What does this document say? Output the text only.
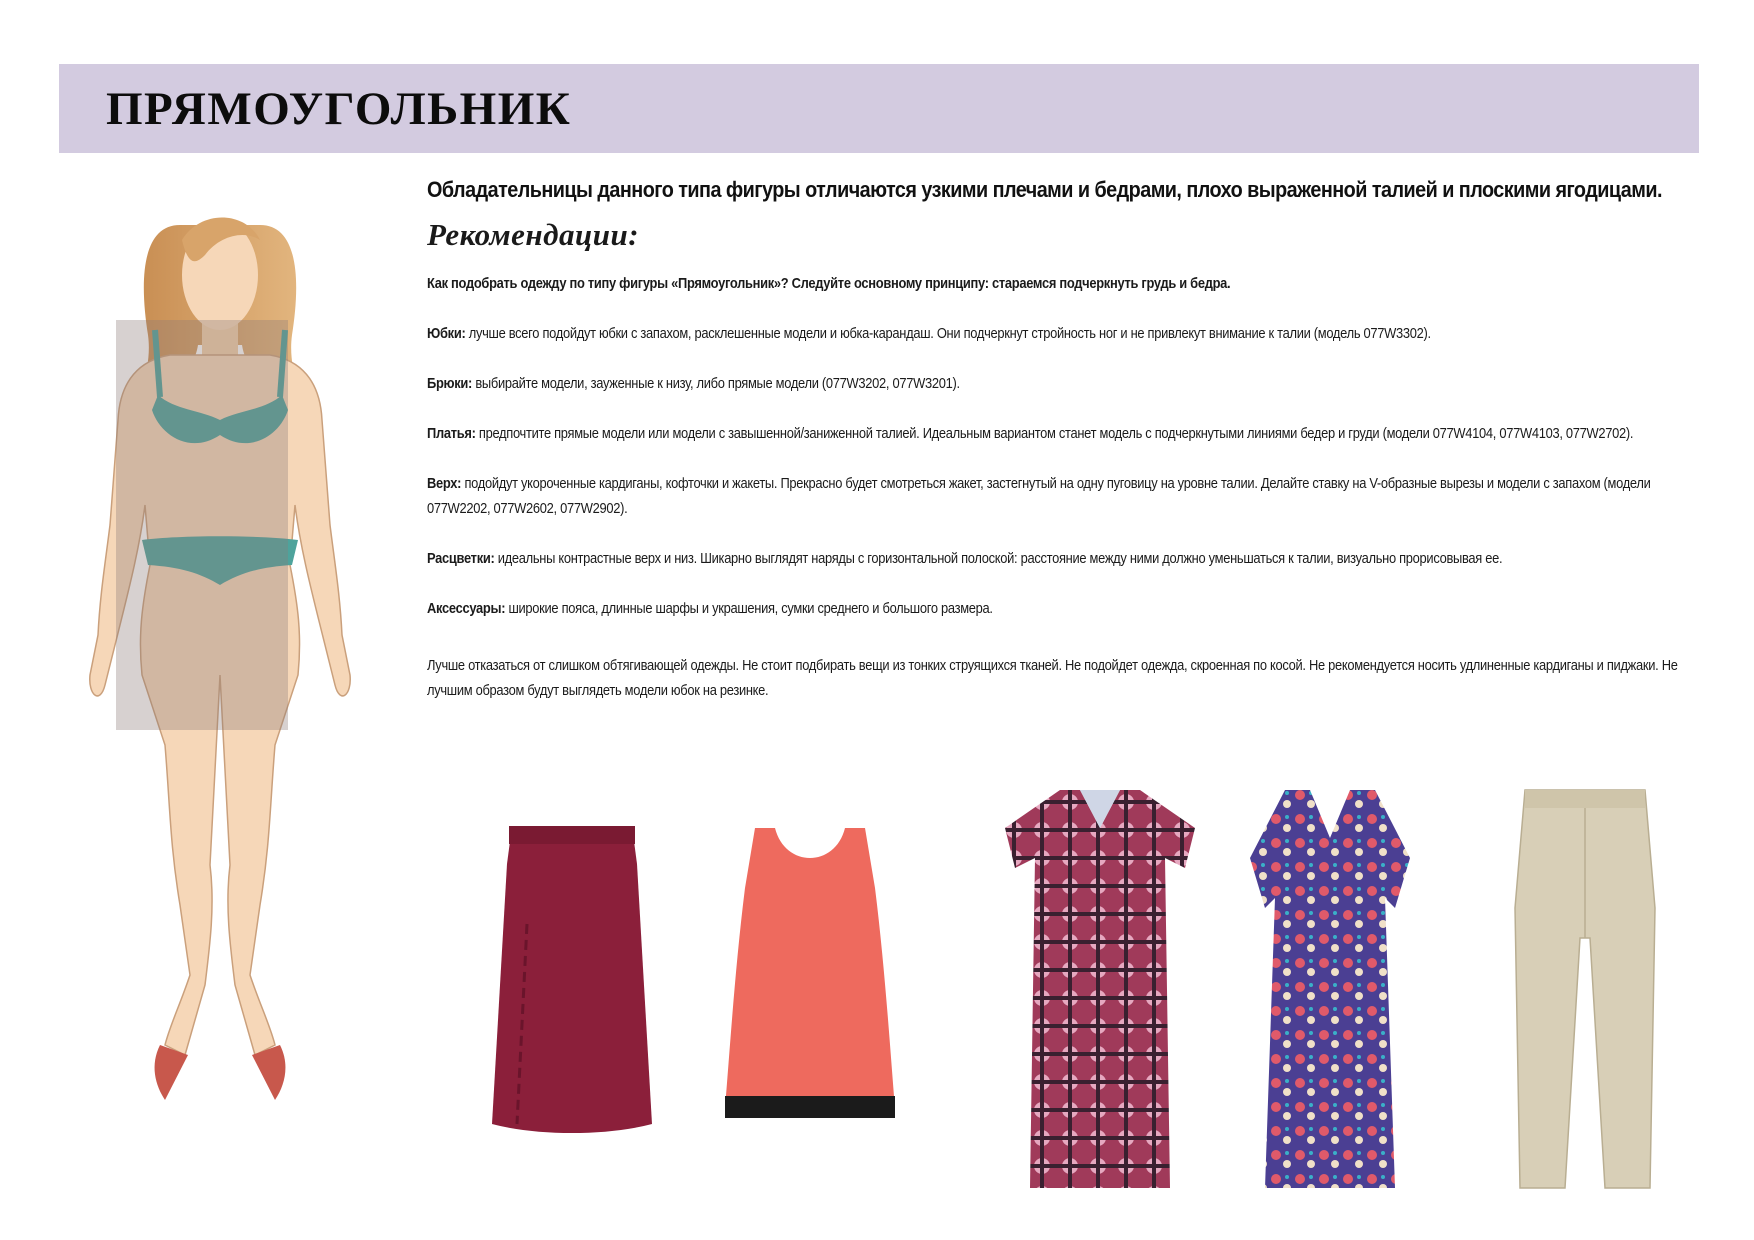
ПРЯМОУГОЛЬНИК

Обладательницы данного типа фигуры отличаются узкими плечами и бедрами, плохо выраженной талией и плоскими ягодицами.

Рекомендации:

Как подобрать одежду по типу фигуры «Прямоугольник»? Следуйте основному принципу: стараемся подчеркнуть грудь и бедра.

Юбки: лучше всего подойдут юбки с запахом, расклешенные модели и юбка-карандаш. Они подчеркнут стройность ног и не привлекут внимание к талии (модель 077W3302).

Брюки: выбирайте модели, зауженные к низу, либо прямые модели (077W3202, 077W3201).

Платья: предпочтите прямые модели или модели с завышенной/заниженной талией. Идеальным вариантом станет модель с подчеркнутыми линиями бедер и груди (модели 077W4104, 077W4103, 077W2702).

Верх: подойдут укороченные кардиганы, кофточки и жакеты. Прекрасно будет смотреться жакет, застегнутый на одну пуговицу на уровне талии. Делайте ставку на V-образные вырезы и модели с запахом (модели 077W2202, 077W2602, 077W2902).

Расцветки: идеальны контрастные верх и низ. Шикарно выглядят наряды с горизонтальной полоской: расстояние между ними должно уменьшаться к талии, визуально прорисовывая ее.

Аксессуары: широкие пояса, длинные шарфы и украшения, сумки среднего и большого размера.

Лучше отказаться от слишком обтягивающей одежды. Не стоит подбирать вещи из тонких струящихся тканей. Не подойдет одежда, скроенная по косой. Не рекомендуется носить удлиненные кардиганы и пиджаки. Не лучшим образом будут выглядеть модели юбок на резинке.
